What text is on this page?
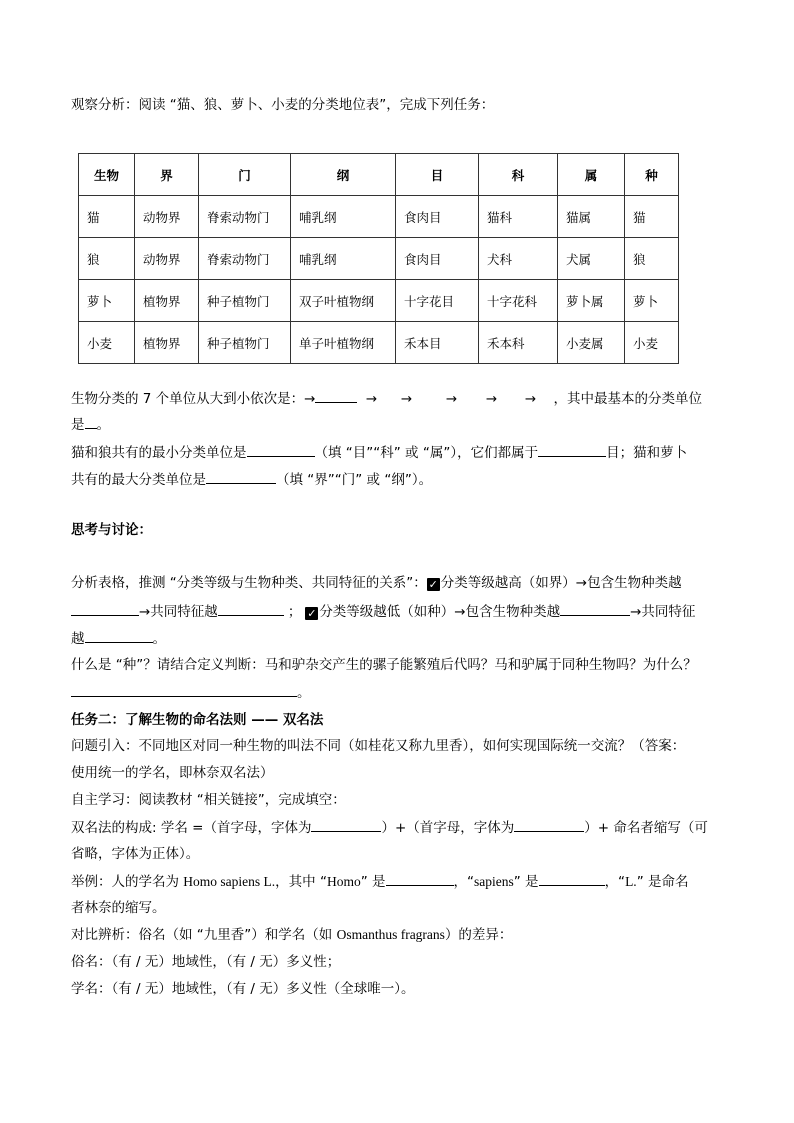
观察分析：阅读 “猫、狼、萝卜、小麦的分类地位表”，完成下列任务：
生物	界	门	纲	目	科	属	种
猫	动物界	脊索动物门	哺乳纲	食肉目	猫科	猫属	猫
狼	动物界	脊索动物门	哺乳纲	食肉目	犬科	犬属	狼
萝卜	植物界	种子植物门	双子叶植物纲	十字花目	十字花科	萝卜属	萝卜
小麦	植物界	种子植物门	单子叶植物纲	禾本目	禾本科	小麦属	小麦
生物分类的 7 个单位从大到小依次是：→	→ → → → → ，其中最基本的分类单位
是 。
猫和狼共有的最小分类单位是	（填 “目”“科” 或 “属”），它们都属于	目；猫和萝卜
共有的最大分类单位是	（填 “界”“门” 或 “纲”）。
思考与讨论：
分析表格，推测 “分类等级与生物种类、共同特征的关系”： ✓ 分类等级越高（如界）→包含生物种类越
→共同特征越	； ✓ 分类等级越低（如种）→包含生物种类越	→共同特征
越	。
什么是 “种”？请结合定义判断：马和驴杂交产生的骡子能繁殖后代吗？马和驴属于同种生物吗？为什么？
。
任务二：了解生物的命名法则 —— 双名法
问题引入：不同地区对同一种生物的叫法不同（如桂花又称九里香），如何实现国际统一交流？（答案：
使用统一的学名，即林奈双名法）
自主学习：阅读教材 “相关链接”，完成填空：
双名法的构成: 学名 =（首字母，字体为	）+（首字母，字体为	）+ 命名者缩写（可
省略，字体为正体）。
举例：人的学名为 Homo sapiens L.，其中 “Homo” 是	，“sapiens” 是	，“L.” 是命名
者林奈的缩写。
对比辨析：俗名（如 “九里香”）和学名（如 Osmanthus fragrans）的差异：
俗名：（有 / 无）地域性，（有 / 无）多义性；
学名：（有 / 无）地域性，（有 / 无）多义性（全球唯一）。
